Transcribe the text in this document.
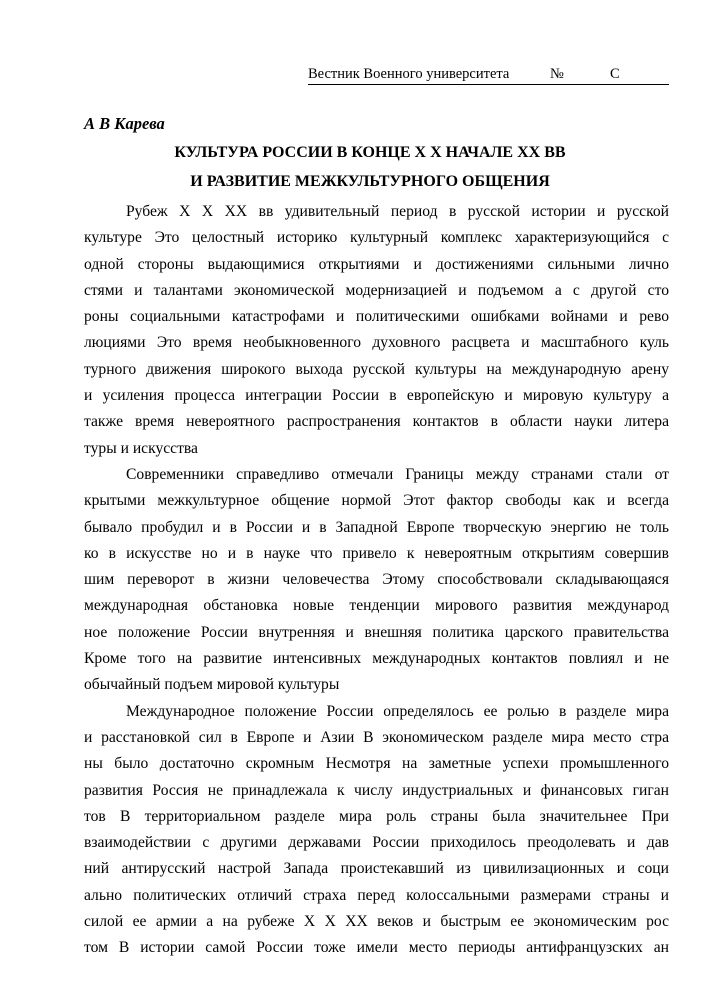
Вестник Военного университета	№	С
А В Карева
КУЛЬТУРА РОССИИ В КОНЦЕ X X НАЧАЛЕ XX ВВ
И РАЗВИТИЕ МЕЖКУЛЬТУРНОГО ОБЩЕНИЯ
Рубеж X X XX вв удивительный период в русской истории и русской
культуре Это целостный историко культурный комплекс характеризующийся с
одной стороны выдающимися открытиями и достижениями сильными лично
стями и талантами экономической модернизацией и подъемом а с другой сто
роны социальными катастрофами и политическими ошибками войнами и рево
люциями Это время необыкновенного духовного расцвета и масштабного куль
турного движения широкого выхода русской культуры на международную арену
и усиления процесса интеграции России в европейскую и мировую культуру а
также время невероятного распространения контактов в области науки литера
туры и искусства
Современники справедливо отмечали Границы между странами стали от
крытыми межкультурное общение нормой Этот фактор свободы как и всегда
бывало пробудил и в России и в Западной Европе творческую энергию не толь
ко в искусстве но и в науке что привело к невероятным открытиям совершив
шим переворот в жизни человечества Этому способствовали складывающаяся
международная обстановка новые тенденции мирового развития международ
ное положение России внутренняя и внешняя политика царского правительства
Кроме того на развитие интенсивных международных контактов повлиял и не
обычайный подъем мировой культуры
Международное положение России определялось ее ролью в разделе мира
и расстановкой сил в Европе и Азии В экономическом разделе мира место стра
ны было достаточно скромным Несмотря на заметные успехи промышленного
развития Россия не принадлежала к числу индустриальных и финансовых гиган
тов В территориальном разделе мира роль страны была значительнее При
взаимодействии с другими державами России приходилось преодолевать и дав
ний антирусский настрой Запада проистекавший из цивилизационных и соци
ально политических отличий страха перед колоссальными размерами страны и
силой ее армии а на рубеже X X XX веков и быстрым ее экономическим рос
том В истории самой России тоже имели место периоды антифранцузских ан
